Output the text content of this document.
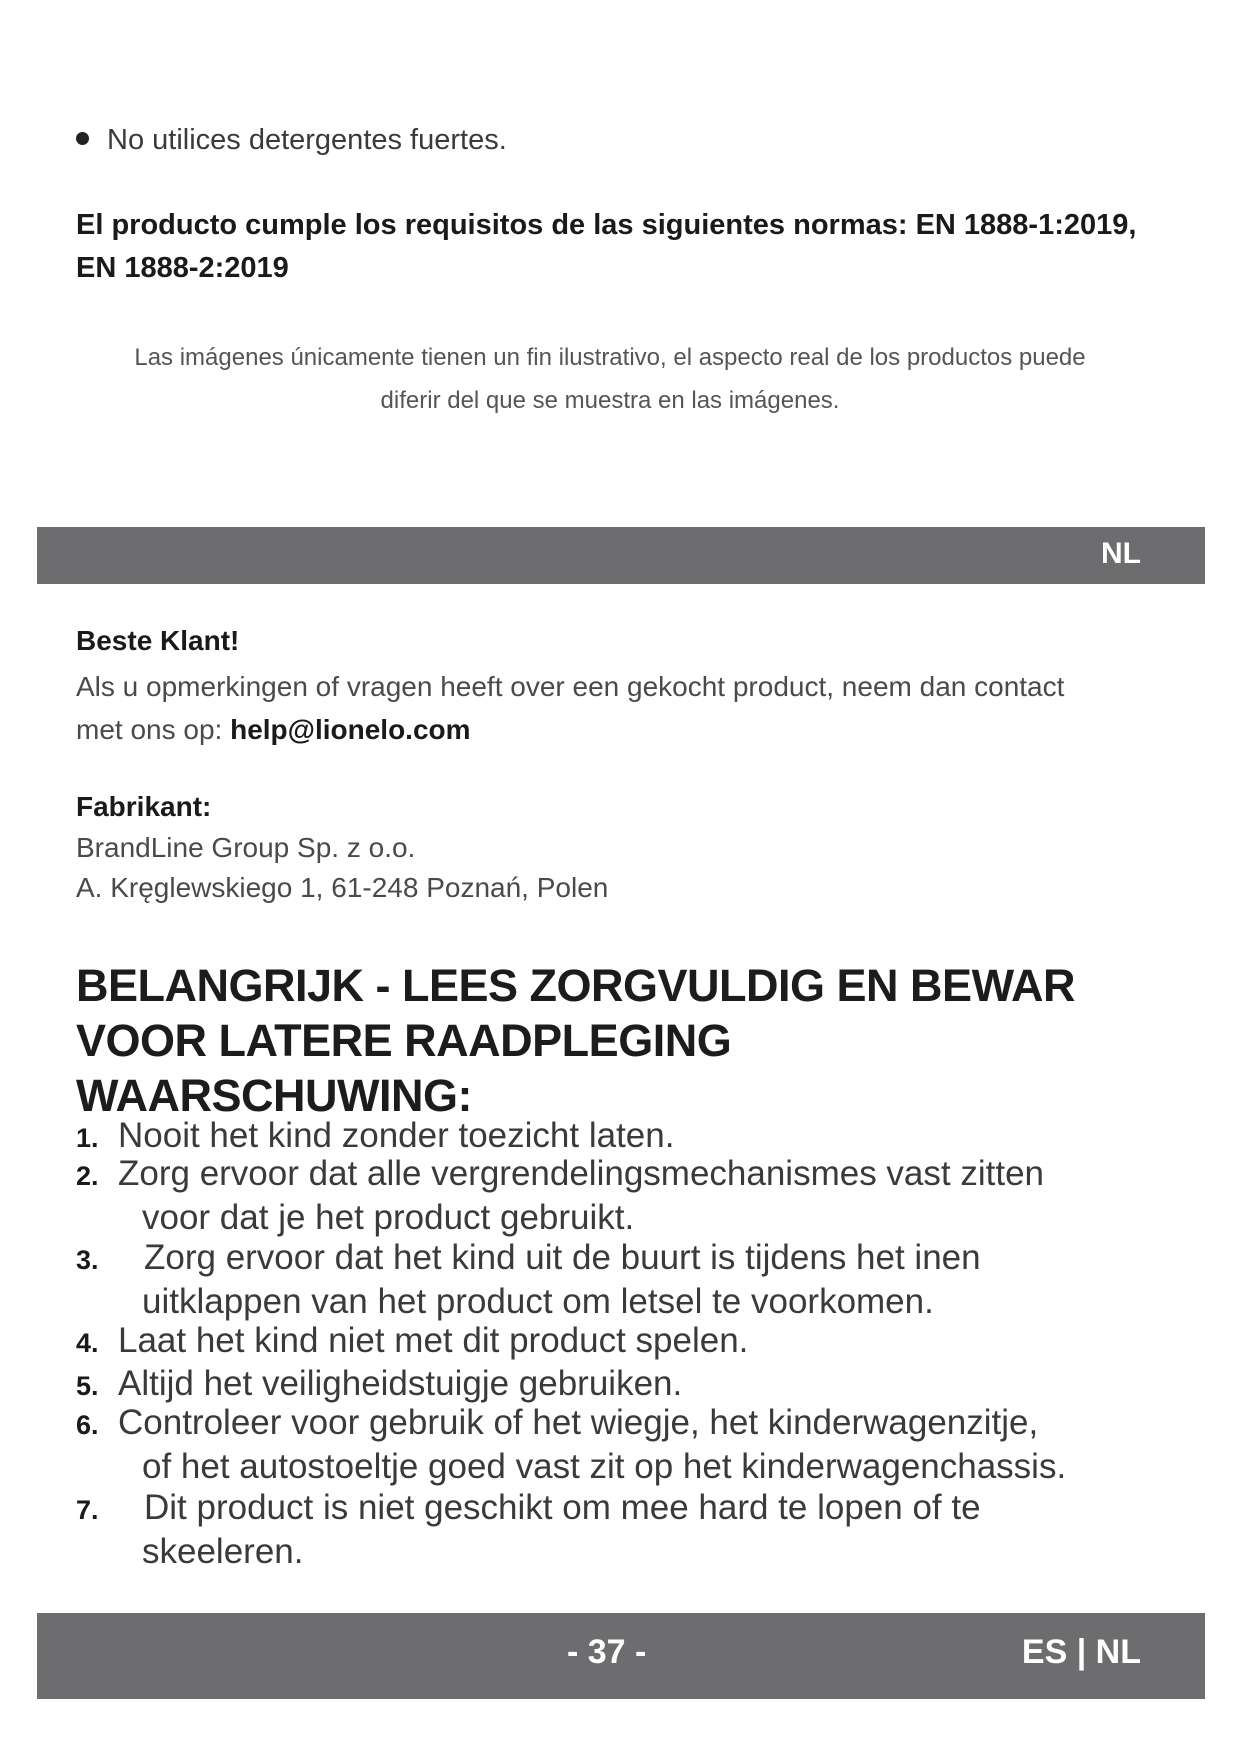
No utilices detergentes fuertes.
El producto cumple los requisitos de las siguientes normas: EN 1888-1:2019,
EN 1888-2:2019
Las imágenes únicamente tienen un fin ilustrativo, el aspecto real de los productos puede
diferir del que se muestra en las imágenes.
NL
Beste Klant!
Als u opmerkingen of vragen heeft over een gekocht product, neem dan contact
met ons op: help@lionelo.com
Fabrikant:
BrandLine Group Sp. z o.o.
A. Kręglewskiego 1, 61-248 Poznań, Polen
BELANGRIJK - LEES ZORGVULDIG EN BEWAR
VOOR LATERE RAADPLEGING
WAARSCHUWING:
1. Nooit het kind zonder toezicht laten.
2. Zorg ervoor dat alle vergrendelingsmechanismes vast zitten
voor dat je het product gebruikt.
3. Zorg ervoor dat het kind uit de buurt is tijdens het inen
uitklappen van het product om letsel te voorkomen.
4. Laat het kind niet met dit product spelen.
5. Altijd het veiligheidstuigje gebruiken.
6. Controleer voor gebruik of het wiegje, het kinderwagenzitje,
of het autostoeltje goed vast zit op het kinderwagenchassis.
7. Dit product is niet geschikt om mee hard te lopen of te
skeeleren.
- 37 -	ES | NL
